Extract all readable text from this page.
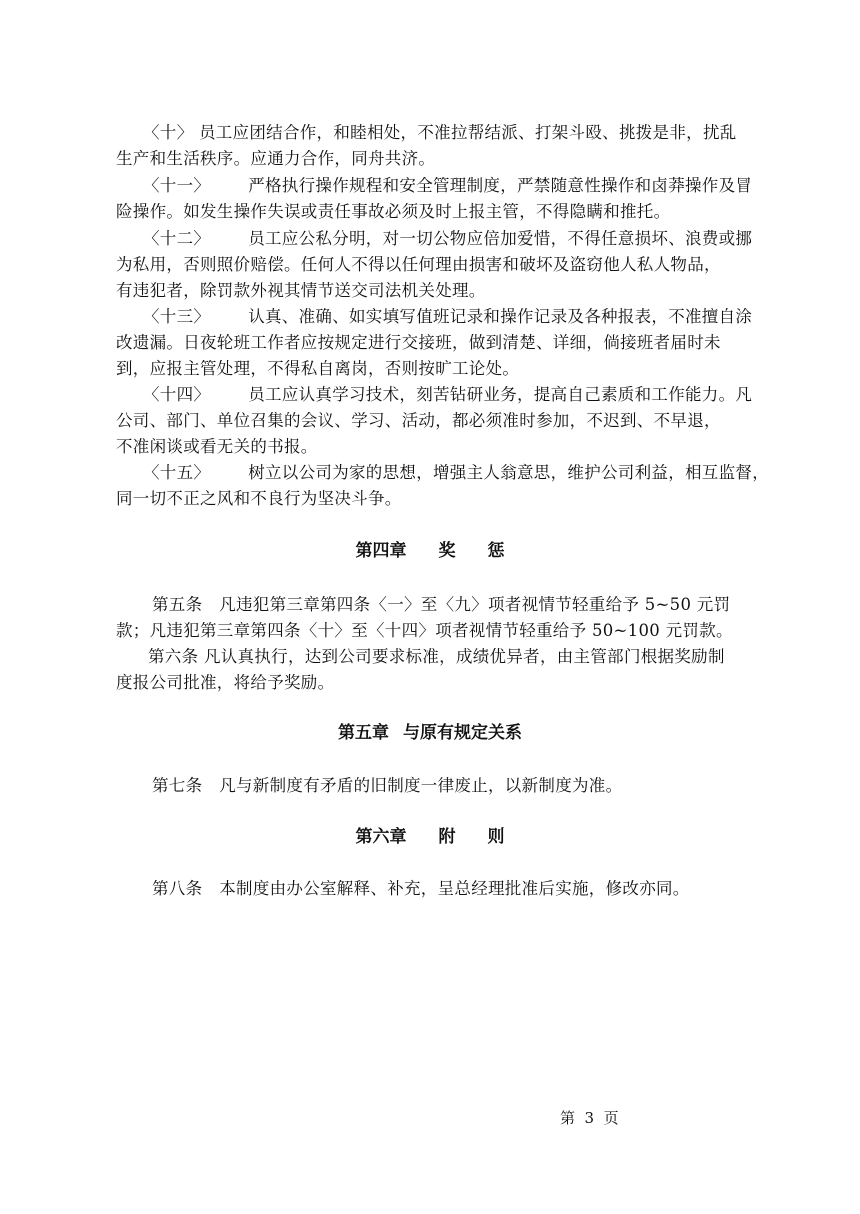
〈十〉 员工应团结合作，和睦相处，不准拉帮结派、打架斗殴、挑拨是非，扰乱
生产和生活秩序。应通力合作，同舟共济。
〈十一〉 严格执行操作规程和安全管理制度，严禁随意性操作和卤莽操作及冒
险操作。如发生操作失误或责任事故必须及时上报主管，不得隐瞒和推托。
〈十二〉 员工应公私分明，对一切公物应倍加爱惜，不得任意损坏、浪费或挪
为私用，否则照价赔偿。任何人不得以任何理由损害和破坏及盗窃他人私人物品，
有违犯者，除罚款外视其情节送交司法机关处理。
〈十三〉 认真、准确、如实填写值班记录和操作记录及各种报表，不准擅自涂
改遗漏。日夜轮班工作者应按规定进行交接班，做到清楚、详细，倘接班者届时未
到，应报主管处理，不得私自离岗，否则按旷工论处。
〈十四〉 员工应认真学习技术，刻苦钻研业务，提高自己素质和工作能力。凡
公司、部门、单位召集的会议、学习、活动，都必须准时参加，不迟到、不早退，
不准闲谈或看无关的书报。
〈十五〉 树立以公司为家的思想，增强主人翁意思，维护公司利益，相互监督，
同一切不正之风和不良行为坚决斗争。
第四章 奖 惩
第五条　凡违犯第三章第四条〈一〉至〈九〉项者视情节轻重给予 5~50 元罚
款；凡违犯第三章第四条〈十〉至〈十四〉项者视情节轻重给予 50~100 元罚款。
第六条 凡认真执行，达到公司要求标准，成绩优异者，由主管部门根据奖励制
度报公司批准，将给予奖励。
第五章 与原有规定关系
第七条　凡与新制度有矛盾的旧制度一律废止，以新制度为准。
第六章 附 则
第八条　本制度由办公室解释、补充，呈总经理批准后实施，修改亦同。
第  3  页
